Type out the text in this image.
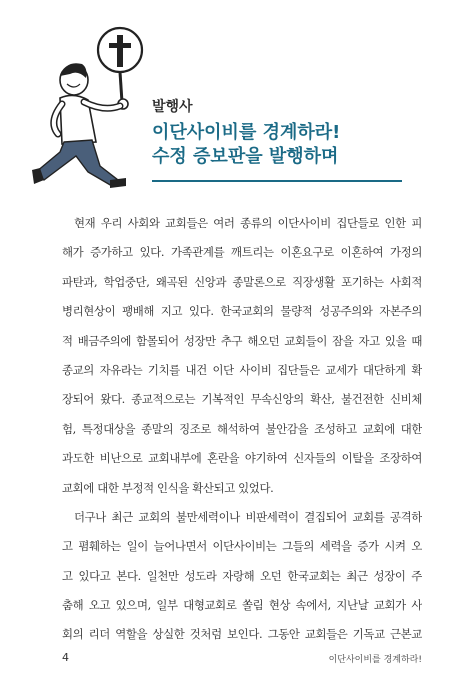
발행사
이단사이비를 경계하라!
수정 증보판을 발행하며
현재 우리 사회와 교회들은 여러 종류의 이단사이비 집단들로 인한 피
해가 증가하고 있다. 가족관계를 깨트리는 이혼요구로 이혼하여 가정의
파탄과, 학업중단, 왜곡된 신앙과 종말론으로 직장생활 포기하는 사회적
병리현상이 팽배해 지고 있다. 한국교회의 물량적 성공주의와 자본주의
적 배금주의에 함몰되어 성장만 추구 해오던 교회들이 잠을 자고 있을 때
종교의 자유라는 기치를 내건 이단 사이비 집단들은 교세가 대단하게 확
장되어 왔다. 종교적으로는 기복적인 무속신앙의 확산, 불건전한 신비체
험, 특정대상을 종말의 징조로 해석하여 불안감을 조성하고 교회에 대한
과도한 비난으로 교회내부에 혼란을 야기하여 신자들의 이탈을 조장하여
교회에 대한 부정적 인식을 확산되고 있었다.
더구나 최근 교회의 불만세력이나 비판세력이 결집되어 교회를 공격하
고 폄훼하는 일이 늘어나면서 이단사이비는 그들의 세력을 증가 시켜 오
고 있다고 본다. 일천만 성도라 자랑해 오던 한국교회는 최근 성장이 주
춤해 오고 있으며, 일부 대형교회로 쏠림 현상 속에서, 지난날 교회가 사
회의 리더 역할을 상실한 것처럼 보인다. 그동안 교회들은 기독교 근본교
4	이단사이비를 경계하라!
